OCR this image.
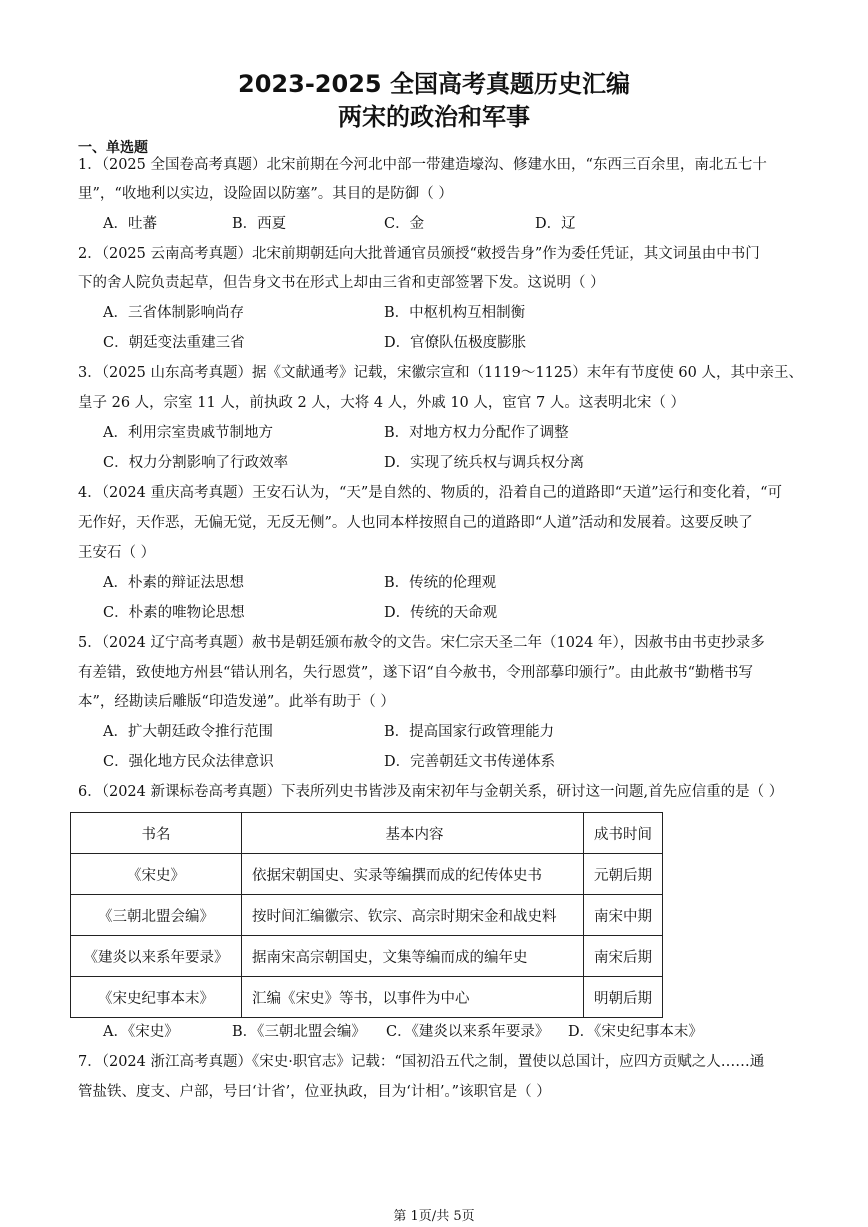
2023-2025 全国高考真题历史汇编
两宋的政治和军事
一、单选题
1．（2025 全国卷高考真题）北宋前期在今河北中部一带建造壕沟、修建水田，“东西三百余里，南北五七十
里”，“收地利以实边，设险固以防塞”。其目的是防御（ ）
A．吐蕃	B．西夏	C．金	D．辽
2．（2025 云南高考真题）北宋前期朝廷向大批普通官员颁授“敕授告身”作为委任凭证，其文词虽由中书门
下的舍人院负责起草，但告身文书在形式上却由三省和吏部签署下发。这说明（ ）
A．三省体制影响尚存	B．中枢机构互相制衡
C．朝廷变法重建三省	D．官僚队伍极度膨胀
3．（2025 山东高考真题）据《文献通考》记载，宋徽宗宣和（1119～1125）末年有节度使 60 人，其中亲王、
皇子 26 人，宗室 11 人，前执政 2 人，大将 4 人，外戚 10 人，宦官 7 人。这表明北宋（ ）
A．利用宗室贵戚节制地方	B．对地方权力分配作了调整
C．权力分割影响了行政效率	D．实现了统兵权与调兵权分离
4．（2024 重庆高考真题）王安石认为，“天”是自然的、物质的，沿着自己的道路即“天道”运行和变化着，“可
无作好，天作恶，无偏无觉，无反无侧”。人也同本样按照自己的道路即“人道”活动和发展着。这要反映了
王安石（ ）
A．朴素的辩证法思想	B．传统的伦理观
C．朴素的唯物论思想	D．传统的天命观
5．（2024 辽宁高考真题）赦书是朝廷颁布赦令的文告。宋仁宗天圣二年（1024 年），因赦书由书吏抄录多
有差错，致使地方州县“错认刑名，失行恩赏”，遂下诏“自今赦书，令刑部摹印颁行”。由此赦书“勤楷书写
本”，经勘读后雕版“印造发递”。此举有助于（ ）
A．扩大朝廷政令推行范围	B．提高国家行政管理能力
C．强化地方民众法律意识	D．完善朝廷文书传递体系
6．（2024 新课标卷高考真题）下表所列史书皆涉及南宋初年与金朝关系，研讨这一问题,首先应信重的是（ ）
书名	基本内容	成书时间
《宋史》	依据宋朝国史、实录等编撰而成的纪传体史书	元朝后期
《三朝北盟会编》	按时间汇编徽宗、钦宗、高宗时期宋金和战史料	南宋中期
《建炎以来系年要录》	据南宋高宗朝国史，文集等编而成的编年史	南宋后期
《宋史纪事本末》	汇编《宋史》等书，以事件为中心	明朝后期
A．《宋史》	B．《三朝北盟会编》 C．《建炎以来系年要录》 D．《宋史纪事本末》
7．（2024 浙江高考真题）《宋史·职官志》记载：“国初沿五代之制，置使以总国计，应四方贡赋之人……通
管盐铁、度支、户部，号曰‘计省’，位亚执政，目为‘计相’。”该职官是（ ）
第 1页/共 5页
